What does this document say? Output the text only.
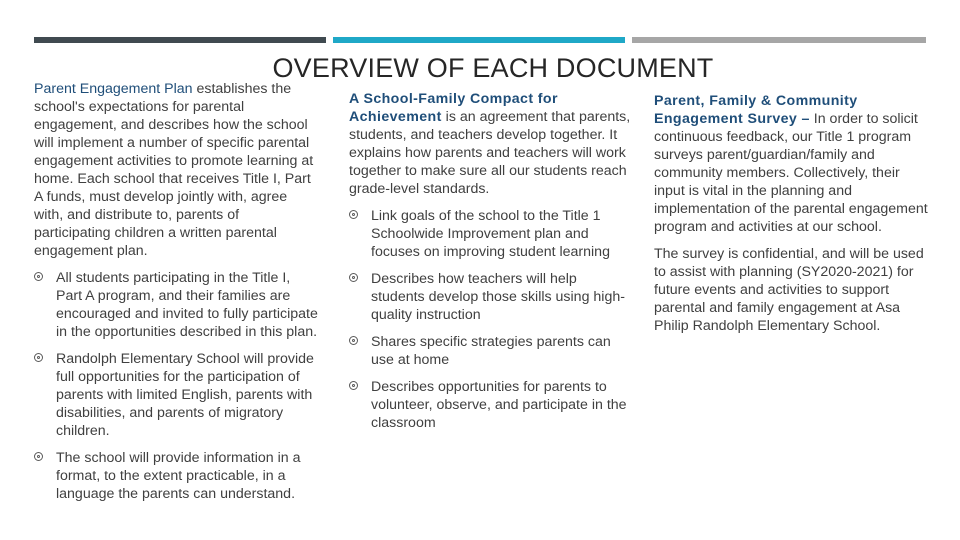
OVERVIEW OF EACH DOCUMENT

Parent Engagement Plan establishes the school's expectations for parental engagement, and describes how the school will implement a number of specific parental engagement activities to promote learning at home. Each school that receives Title I, Part A funds, must develop jointly with, agree with, and distribute to, parents of participating children a written parental engagement plan.

All students participating in the Title I, Part A program, and their families are encouraged and invited to fully participate in the opportunities described in this plan.
Randolph Elementary School will provide full opportunities for the participation of parents with limited English, parents with disabilities, and parents of migratory children.
The school will provide information in a format, to the extent practicable, in a language the parents can understand.

A School-Family Compact for Achievement is an agreement that parents, students, and teachers develop together. It explains how parents and teachers will work together to make sure all our students reach grade-level standards.

Link goals of the school to the Title 1 Schoolwide Improvement plan and focuses on improving student learning
Describes how teachers will help students develop those skills using high-quality instruction
Shares specific strategies parents can use at home
Describes opportunities for parents to volunteer, observe, and participate in the classroom

Parent, Family & Community Engagement Survey – In order to solicit continuous feedback, our Title 1 program surveys parent/guardian/family and community members. Collectively, their input is vital in the planning and implementation of the parental engagement program and activities at our school.

The survey is confidential, and will be used to assist with planning (SY2020-2021) for future events and activities to support parental and family engagement at Asa Philip Randolph Elementary School.
